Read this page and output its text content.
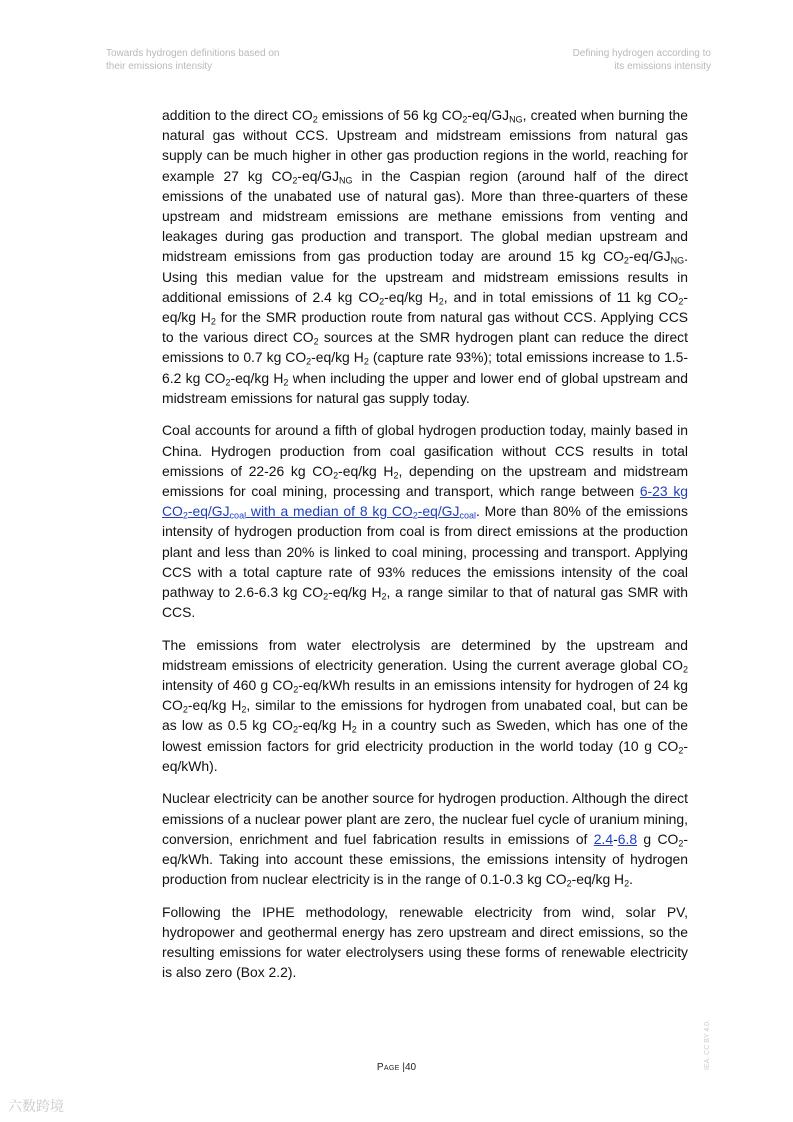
Towards hydrogen definitions based on
their emissions intensity
Defining hydrogen according to
its emissions intensity

addition to the direct $CO_2$ emissions of 56 kg $CO_2-eq/GJ_{NG}$, created when burning the natural gas without CCS. Upstream and midstream emissions from natural gas supply can be much higher in other gas production regions in the world, reaching for example 27 kg $CO_2-eq/GJ_{NG}$ in the Caspian region (around half of the direct emissions of the unabated use of natural gas). More than three-quarters of these upstream and midstream emissions are methane emissions from venting and leakages during gas production and transport. The global median upstream and midstream emissions from gas production today are around 15 kg $CO_2-eq/GJ_{NG}$. Using this median value for the upstream and midstream emissions results in additional emissions of 2.4 kg $CO_2-eq/kg$ $H_2$, and in total emissions of 11 kg $CO_2-eq/kg$ $H_2$ for the SMR production route from natural gas without CCS. Applying CCS to the various direct $CO_2$ sources at the SMR hydrogen plant can reduce the direct emissions to 0.7 kg $CO_2-eq/kg$ $H_2$ (capture rate 93%); total emissions increase to 1.5-6.2 kg $CO_2-eq/kg$ $H_2$ when including the upper and lower end of global upstream and midstream emissions for natural gas supply today.

Coal accounts for around a fifth of global hydrogen production today, mainly based in China. Hydrogen production from coal gasification without CCS results in total emissions of 22-26 kg $CO_2-eq/kg$ $H_2$, depending on the upstream and midstream emissions for coal mining, processing and transport, which range between 6-23 kg $CO_2-eq/GJ_{coal}$ with a median of 8 kg $CO_2-eq/GJ_{coal}$. More than 80% of the emissions intensity of hydrogen production from coal is from direct emissions at the production plant and less than 20% is linked to coal mining, processing and transport. Applying CCS with a total capture rate of 93% reduces the emissions intensity of the coal pathway to 2.6-6.3 kg $CO_2-eq/kg$ $H_2$, a range similar to that of natural gas SMR with CCS.

The emissions from water electrolysis are determined by the upstream and midstream emissions of electricity generation. Using the current average global $CO_2$ intensity of 460 g $CO_2-eq$/kWh results in an emissions intensity for hydrogen of 24 kg $CO_2-eq/kg$ $H_2$, similar to the emissions for hydrogen from unabated coal, but can be as low as 0.5 kg $CO_2-eq/kg$ $H_2$ in a country such as Sweden, which has one of the lowest emission factors for grid electricity production in the world today (10 g $CO_2-eq/kWh$).

Nuclear electricity can be another source for hydrogen production. Although the direct emissions of a nuclear power plant are zero, the nuclear fuel cycle of uranium mining, conversion, enrichment and fuel fabrication results in emissions of 2.4-6.8 g $CO_2-eq$/kWh. Taking into account these emissions, the emissions intensity of hydrogen production from nuclear electricity is in the range of 0.1-0.3 kg $CO_2-eq/kg$ $H_2$.

Following the IPHE methodology, renewable electricity from wind, solar PV, hydropower and geothermal energy has zero upstream and direct emissions, so the resulting emissions for water electrolysers using these forms of renewable electricity is also zero (Box 2.2).

Page |40	IEA. CC BY 4.0.
六数跨境
